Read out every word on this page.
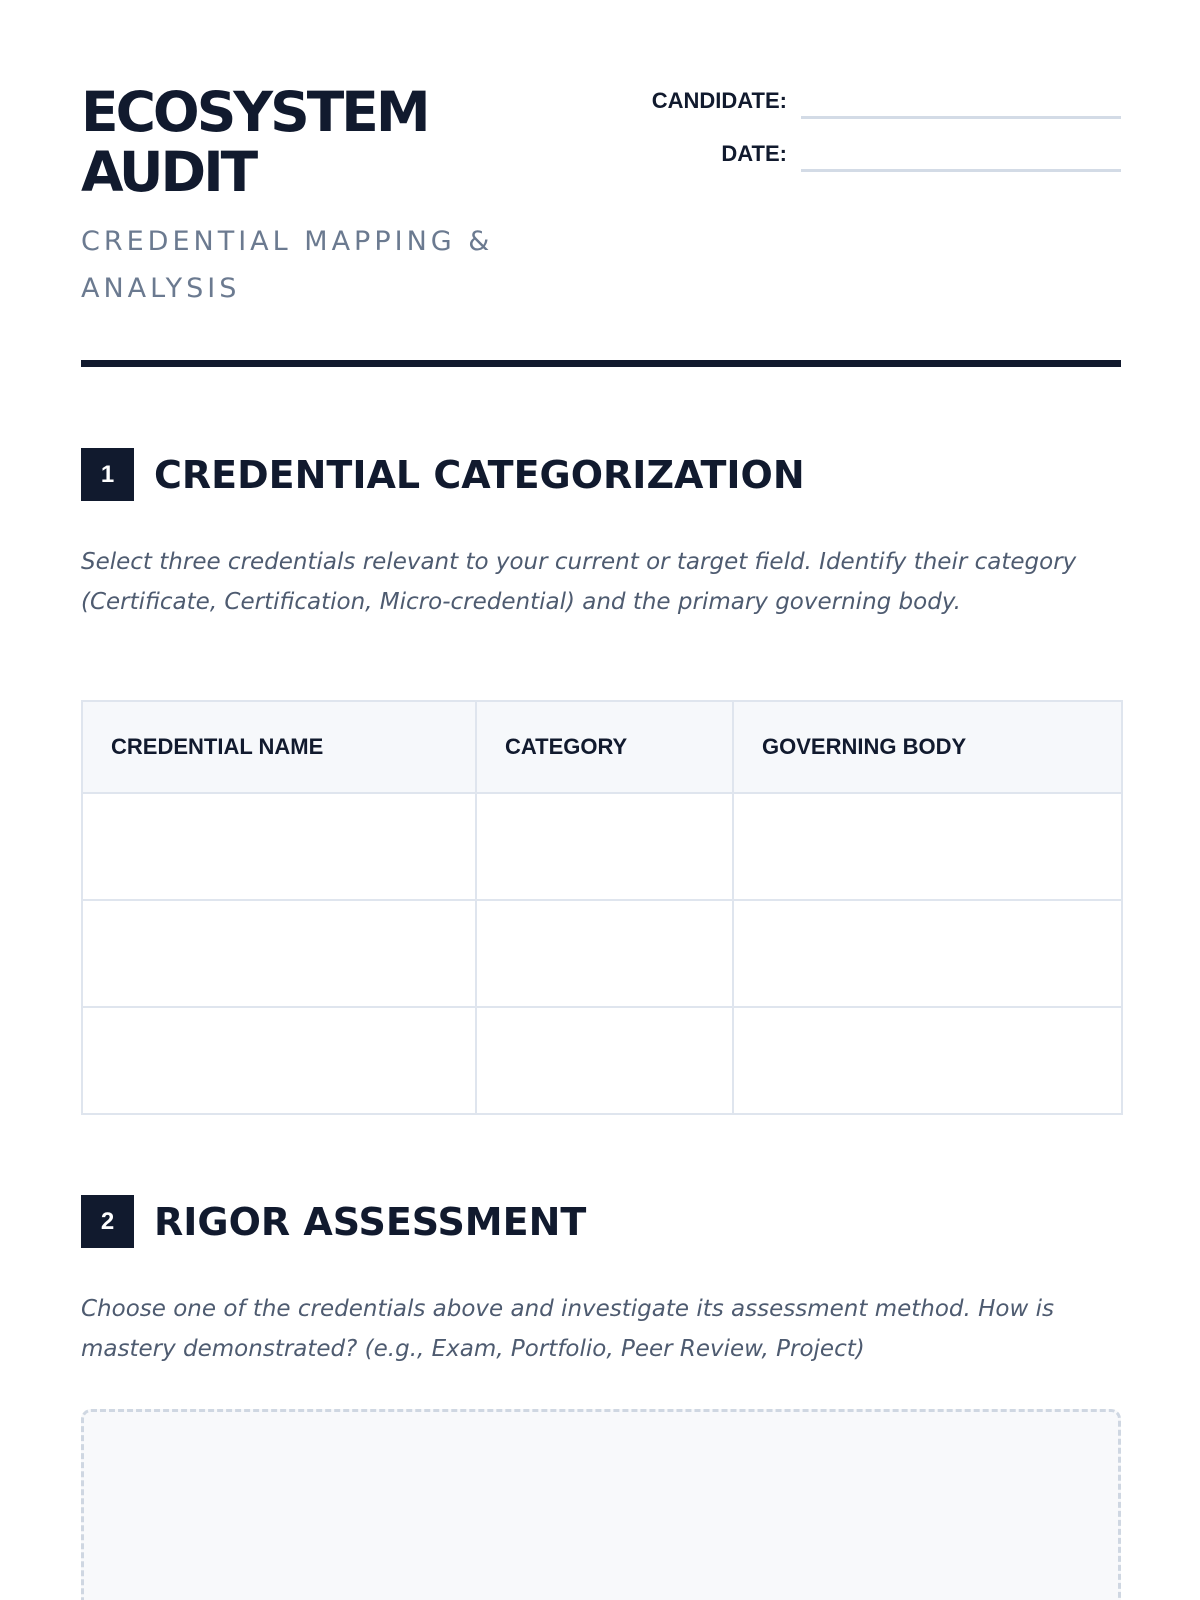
ECOSYSTEM
AUDIT
CREDENTIAL MAPPING & ANALYSIS
CANDIDATE:
DATE:
1	CREDENTIAL CATEGORIZATION

Select three credentials relevant to your current or target field. Identify their category (Certificate, Certification, Micro-credential) and the primary governing body.

CREDENTIAL NAME	CATEGORY	GOVERNING BODY

2	RIGOR ASSESSMENT

Choose one of the credentials above and investigate its assessment method. How is mastery demonstrated? (e.g., Exam, Portfolio, Peer Review, Project)
